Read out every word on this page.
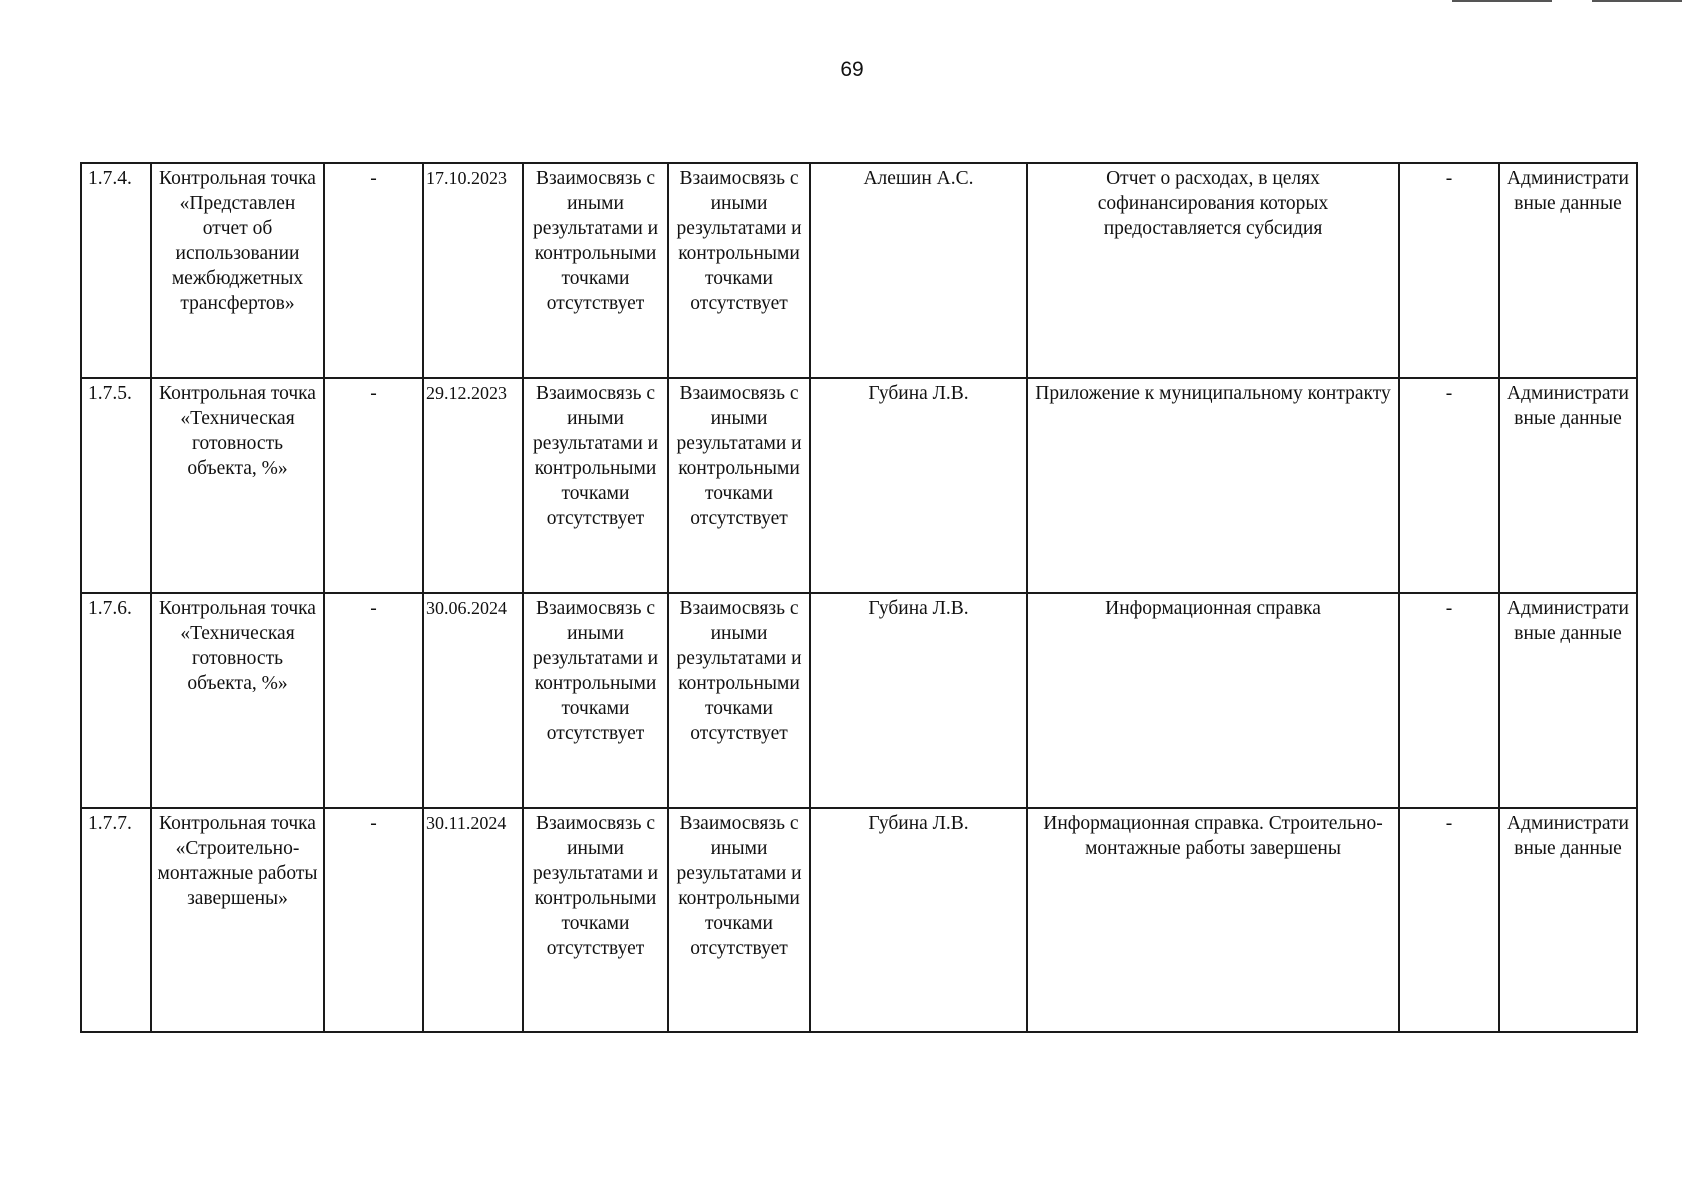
69
1.7.4.	Контрольная точка «Представлен отчет об использовании межбюджетных трансфертов»	-	17.10.2023	Взаимосвязь с иными результатами и контрольными точками отсутствует	Взаимосвязь с иными результатами и контрольными точками отсутствует	Алешин А.С.	Отчет о расходах, в целях софинансирования которых предоставляется субсидия	-	Административные данные
1.7.5.	Контрольная точка «Техническая готовность объекта, %»	-	29.12.2023	Взаимосвязь с иными результатами и контрольными точками отсутствует	Взаимосвязь с иными результатами и контрольными точками отсутствует	Губина Л.В.	Приложение к муниципальному контракту	-	Административные данные
1.7.6.	Контрольная точка «Техническая готовность объекта, %»	-	30.06.2024	Взаимосвязь с иными результатами и контрольными точками отсутствует	Взаимосвязь с иными результатами и контрольными точками отсутствует	Губина Л.В.	Информационная справка	-	Административные данные
1.7.7.	Контрольная точка «Строительно-монтажные работы завершены»	-	30.11.2024	Взаимосвязь с иными результатами и контрольными точками отсутствует	Взаимосвязь с иными результатами и контрольными точками отсутствует	Губина Л.В.	Информационная справка. Строительно-монтажные работы завершены	-	Административные данные
